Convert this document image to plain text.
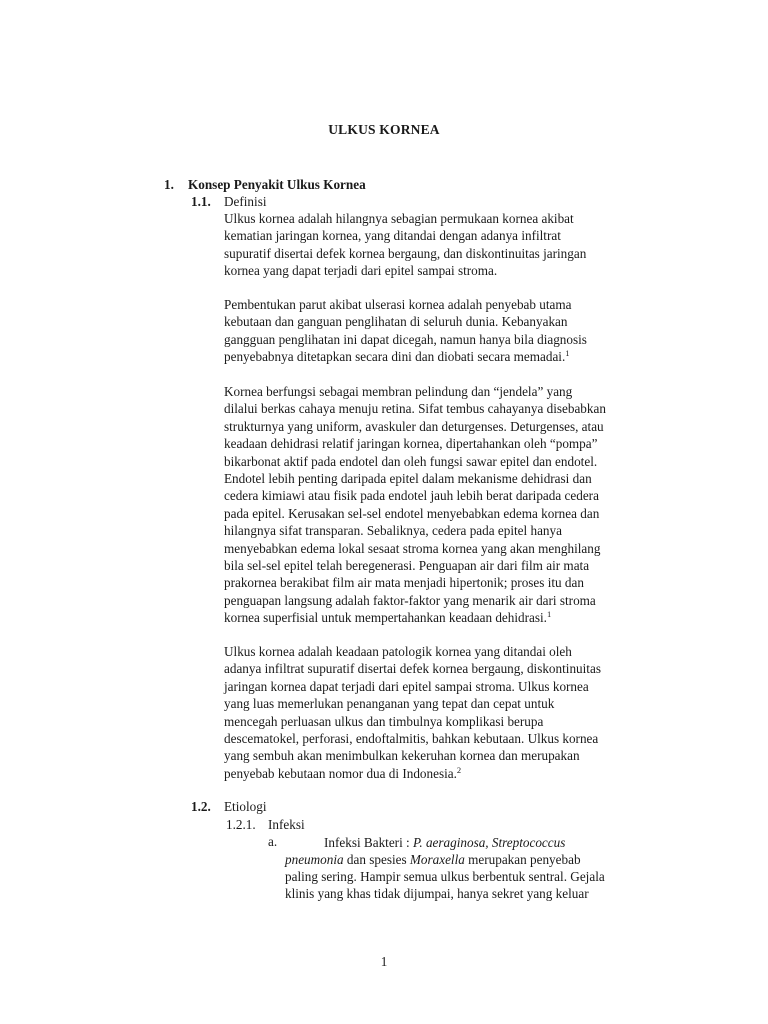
ULKUS KORNEA
1. Konsep Penyakit Ulkus Kornea
1.1. Definisi
Ulkus kornea adalah hilangnya sebagian permukaan kornea akibat
kematian jaringan kornea, yang ditandai dengan adanya infiltrat
supuratif disertai defek kornea bergaung, dan diskontinuitas jaringan
kornea yang dapat terjadi dari epitel sampai stroma.
Pembentukan parut akibat ulserasi kornea adalah penyebab utama
kebutaan dan ganguan penglihatan di seluruh dunia. Kebanyakan
gangguan penglihatan ini dapat dicegah, namun hanya bila diagnosis
penyebabnya ditetapkan secara dini dan diobati secara memadai.$^1$
Kornea berfungsi sebagai membran pelindung dan “jendela” yang
dilalui berkas cahaya menuju retina. Sifat tembus cahayanya disebabkan
strukturnya yang uniform, avaskuler dan deturgenses. Deturgenses, atau
keadaan dehidrasi relatif jaringan kornea, dipertahankan oleh “pompa”
bikarbonat aktif pada endotel dan oleh fungsi sawar epitel dan endotel.
Endotel lebih penting daripada epitel dalam mekanisme dehidrasi dan
cedera kimiawi atau fisik pada endotel jauh lebih berat daripada cedera
pada epitel. Kerusakan sel-sel endotel menyebabkan edema kornea dan
hilangnya sifat transparan. Sebaliknya, cedera pada epitel hanya
menyebabkan edema lokal sesaat stroma kornea yang akan menghilang
bila sel-sel epitel telah beregenerasi. Penguapan air dari film air mata
prakornea berakibat film air mata menjadi hipertonik; proses itu dan
penguapan langsung adalah faktor-faktor yang menarik air dari stroma
kornea superfisial untuk mempertahankan keadaan dehidrasi.$^1$
Ulkus kornea adalah keadaan patologik kornea yang ditandai oleh
adanya infiltrat supuratif disertai defek kornea bergaung, diskontinuitas
jaringan kornea dapat terjadi dari epitel sampai stroma. Ulkus kornea
yang luas memerlukan penanganan yang tepat dan cepat untuk
mencegah perluasan ulkus dan timbulnya komplikasi berupa
descematokel, perforasi, endoftalmitis, bahkan kebutaan. Ulkus kornea
yang sembuh akan menimbulkan kekeruhan kornea dan merupakan
penyebab kebutaan nomor dua di Indonesia.$^2$
1.2. Etiologi
1.2.1. Infeksi
a.	Infeksi Bakteri : P. aeraginosa, Streptococcus
pneumonia dan spesies Moraxella merupakan penyebab
paling sering. Hampir semua ulkus berbentuk sentral. Gejala
klinis yang khas tidak dijumpai, hanya sekret yang keluar
1
